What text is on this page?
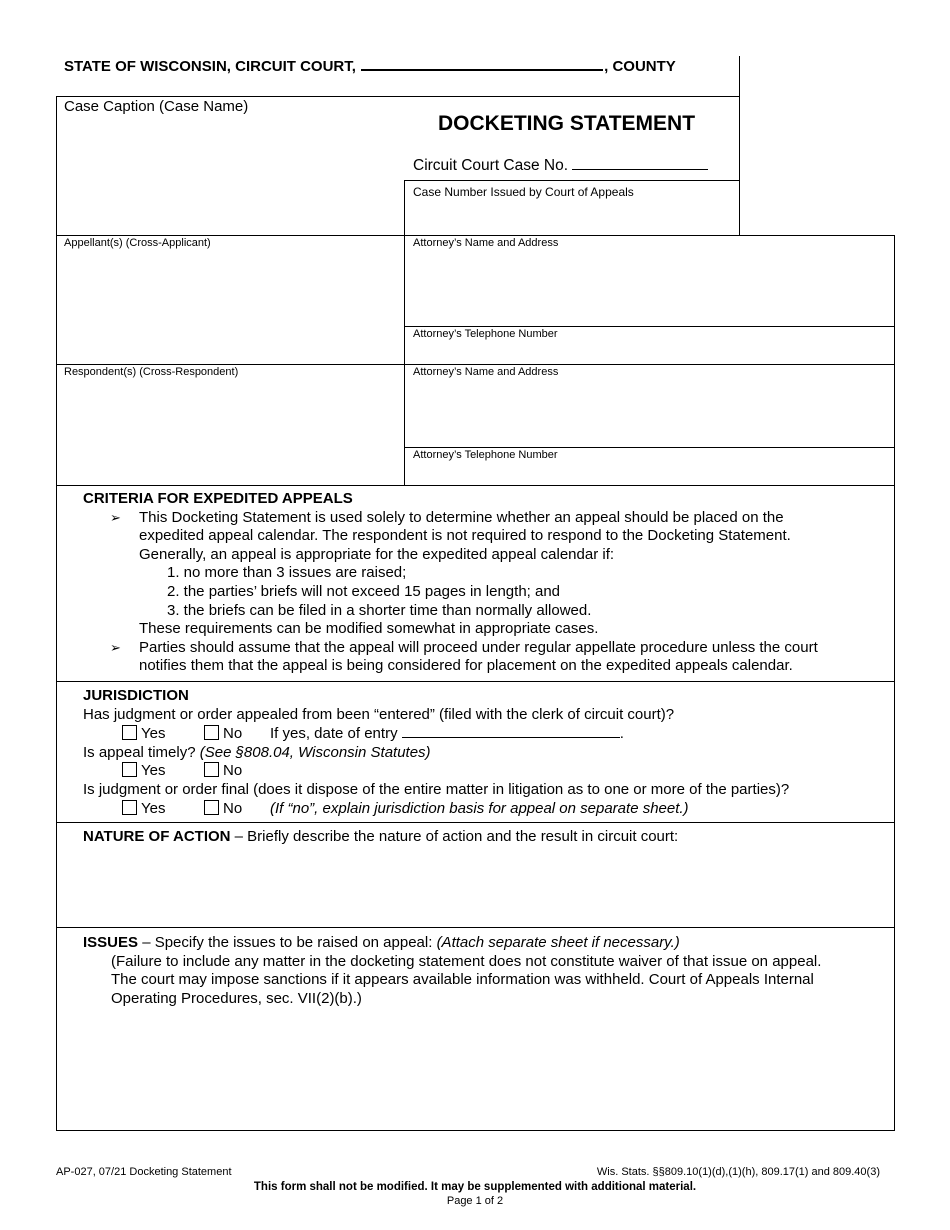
STATE OF WISCONSIN, CIRCUIT COURT,	, COUNTY
Case Caption (Case Name)
DOCKETING STATEMENT
Circuit Court Case No.
Case Number Issued by Court of Appeals
Appellant(s) (Cross-Applicant)	Attorney’s Name and Address
Attorney’s Telephone Number
Respondent(s) (Cross-Respondent)	Attorney’s Name and Address
Attorney’s Telephone Number
CRITERIA FOR EXPEDITED APPEALS
➢ This Docketing Statement is used solely to determine whether an appeal should be placed on the
expedited appeal calendar. The respondent is not required to respond to the Docketing Statement.
Generally, an appeal is appropriate for the expedited appeal calendar if:
1. no more than 3 issues are raised;
2. the parties’ briefs will not exceed 15 pages in length; and
3. the briefs can be filed in a shorter time than normally allowed.
These requirements can be modified somewhat in appropriate cases.
➢ Parties should assume that the appeal will proceed under regular appellate procedure unless the court
notifies them that the appeal is being considered for placement on the expedited appeals calendar.
JURISDICTION
Has judgment or order appealed from been “entered” (filed with the clerk of circuit court)?
Yes	No If yes, date of entry	.
Is appeal timely? (See §808.04, Wisconsin Statutes)
Yes	No
Is judgment or order final (does it dispose of the entire matter in litigation as to one or more of the parties)?
Yes	No (If “no”, explain jurisdiction basis for appeal on separate sheet.)
NATURE OF ACTION – Briefly describe the nature of action and the result in circuit court:
ISSUES – Specify the issues to be raised on appeal: (Attach separate sheet if necessary.)
(Failure to include any matter in the docketing statement does not constitute waiver of that issue on appeal.
The court may impose sanctions if it appears available information was withheld. Court of Appeals Internal
Operating Procedures, sec. VII(2)(b).)
AP-027, 07/21 Docketing Statement	Wis. Stats. §§809.10(1)(d),(1)(h), 809.17(1) and 809.40(3)
This form shall not be modified. It may be supplemented with additional material.
Page 1 of 2
